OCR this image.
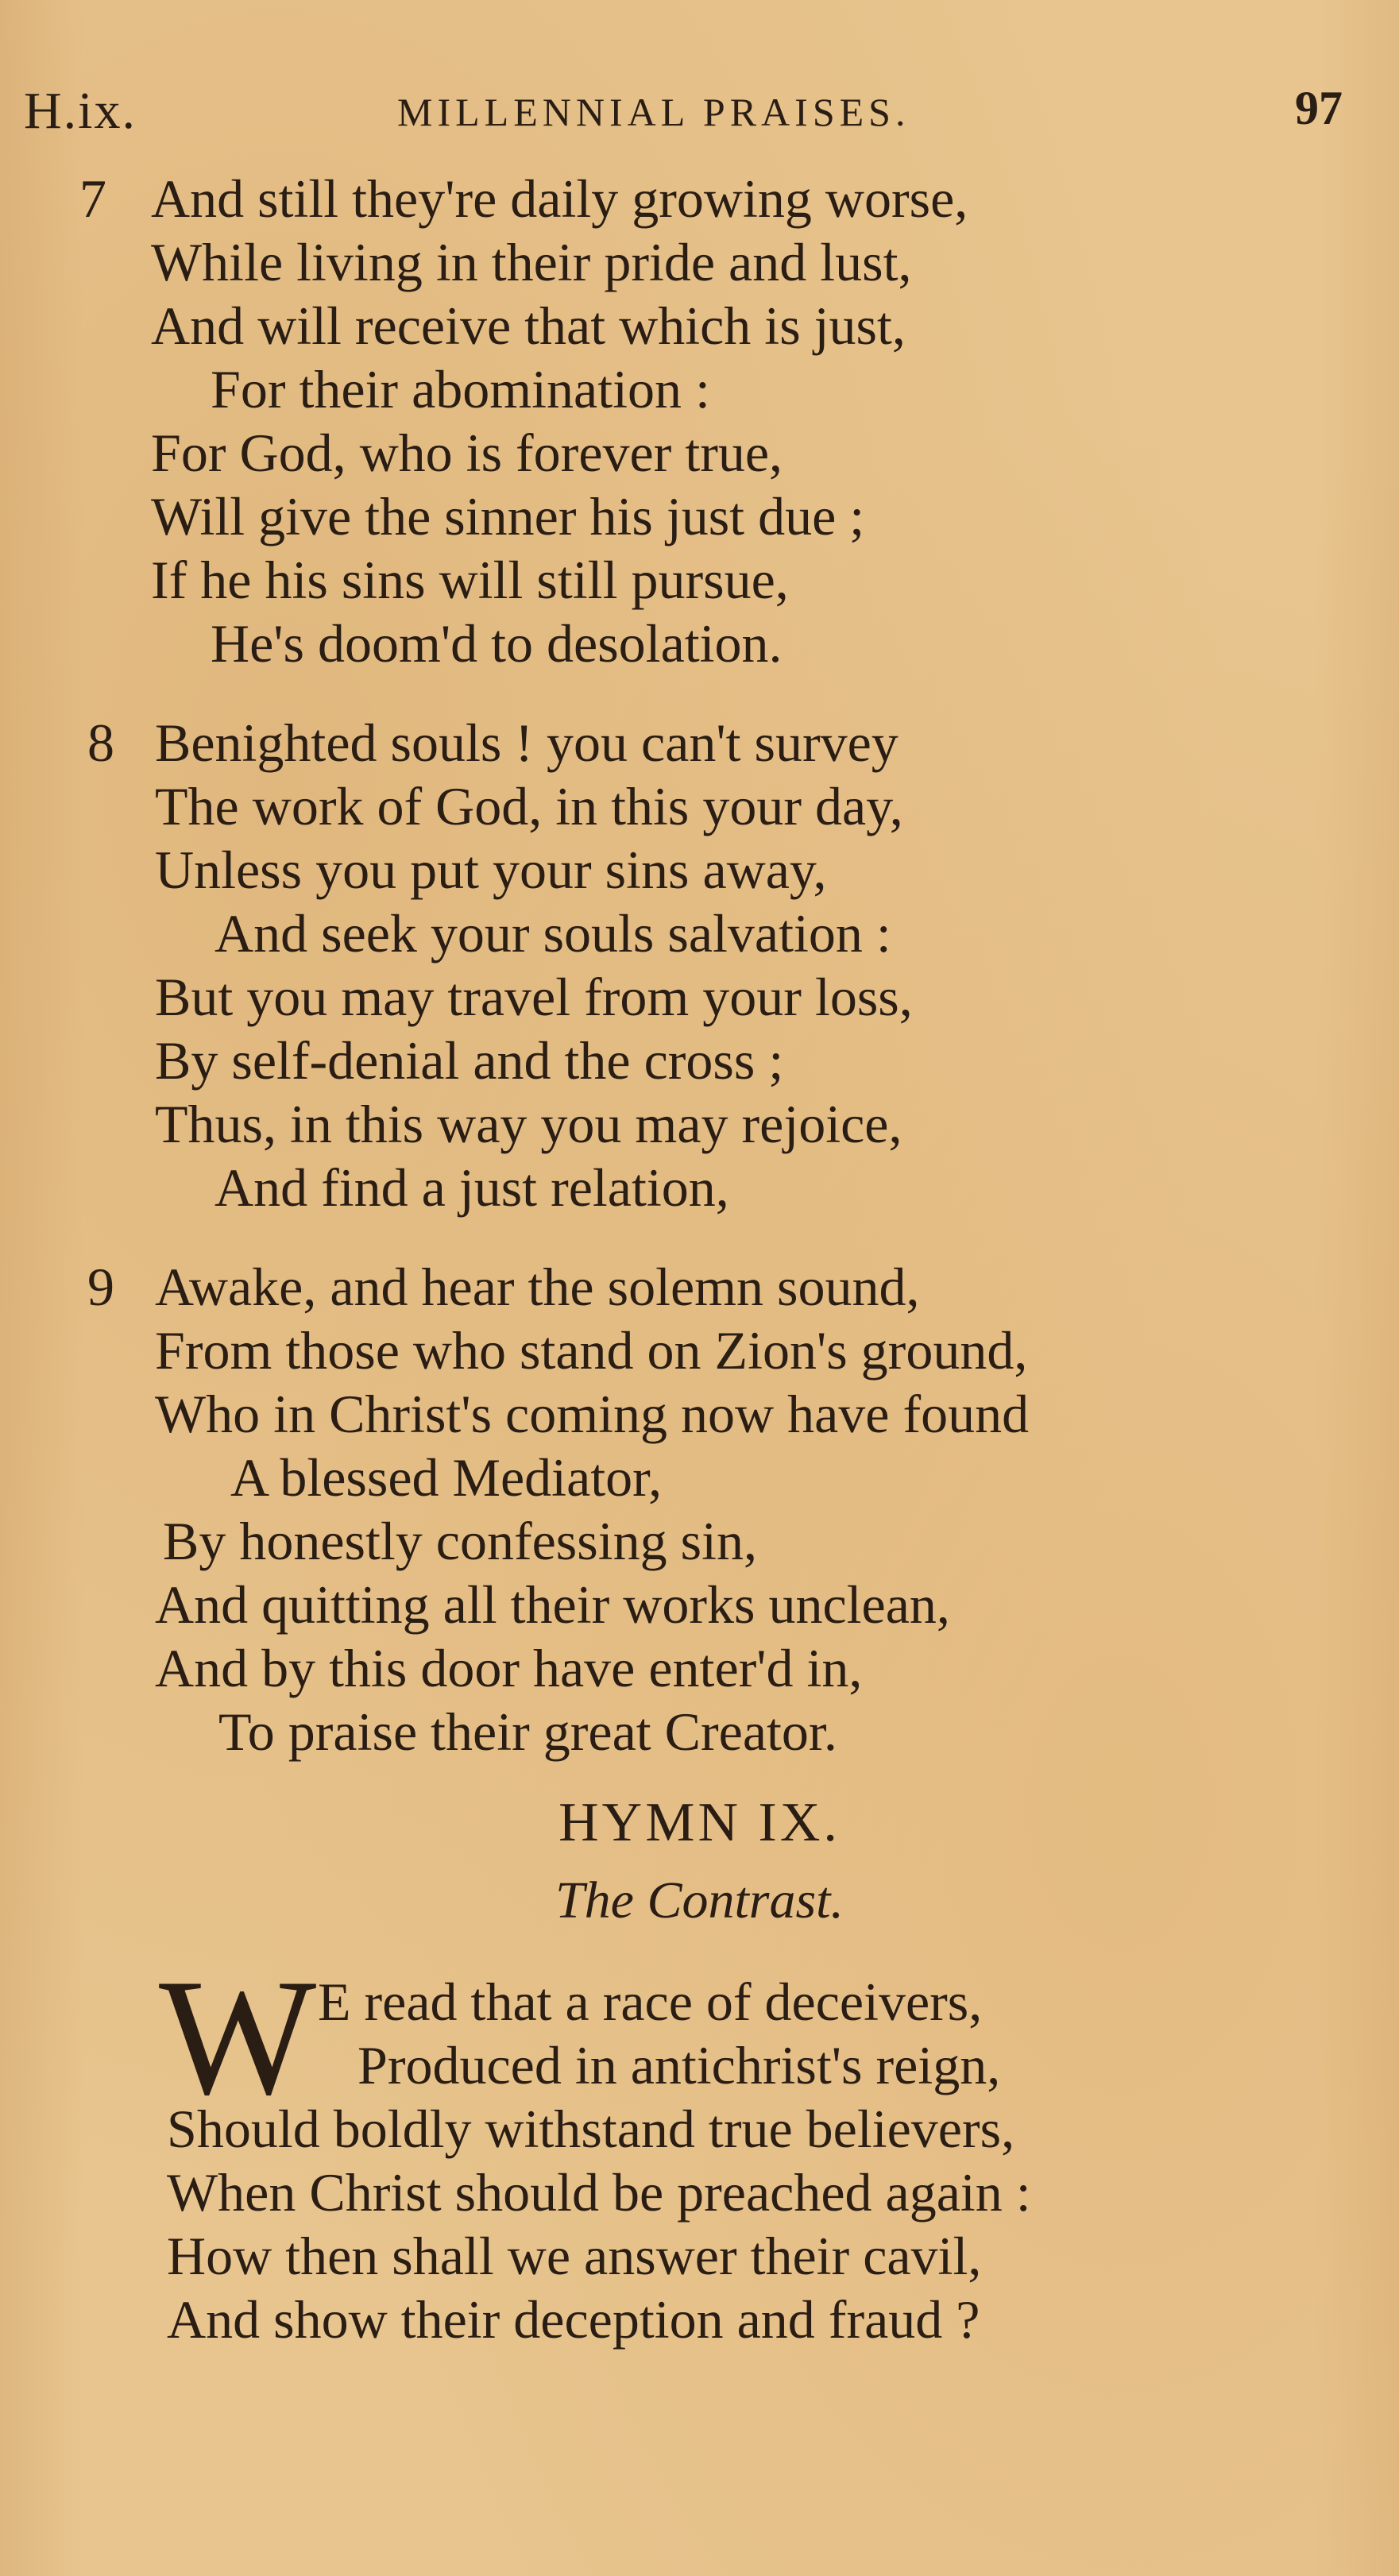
H.ix.	MILLENNIAL PRAISES.	97
7 And still they're daily growing worse,
While living in their pride and lust,
And will receive that which is just,
For their abomination :
For God, who is forever true,
Will give the sinner his just due ;
If he his sins will still pursue,
He's doom'd to desolation.
8 Benighted souls ! you can't survey
The work of God, in this your day,
Unless you put your sins away,
And seek your souls salvation :
But you may travel from your loss,
By self-denial and the cross ;
Thus, in this way you may rejoice,
And find a just relation,
9 Awake, and hear the solemn sound,
From those who stand on Zion's ground,
Who in Christ's coming now have found
A blessed Mediator,
By honestly confessing sin,
And quitting all their works unclean,
And by this door have enter'd in,
To praise their great Creator.
HYMN IX.
The Contrast.
W E read that a race of deceivers,
Produced in antichrist's reign,
Should boldly withstand true believers,
When Christ should be preached again :
How then shall we answer their cavil,
And show their deception and fraud ?
